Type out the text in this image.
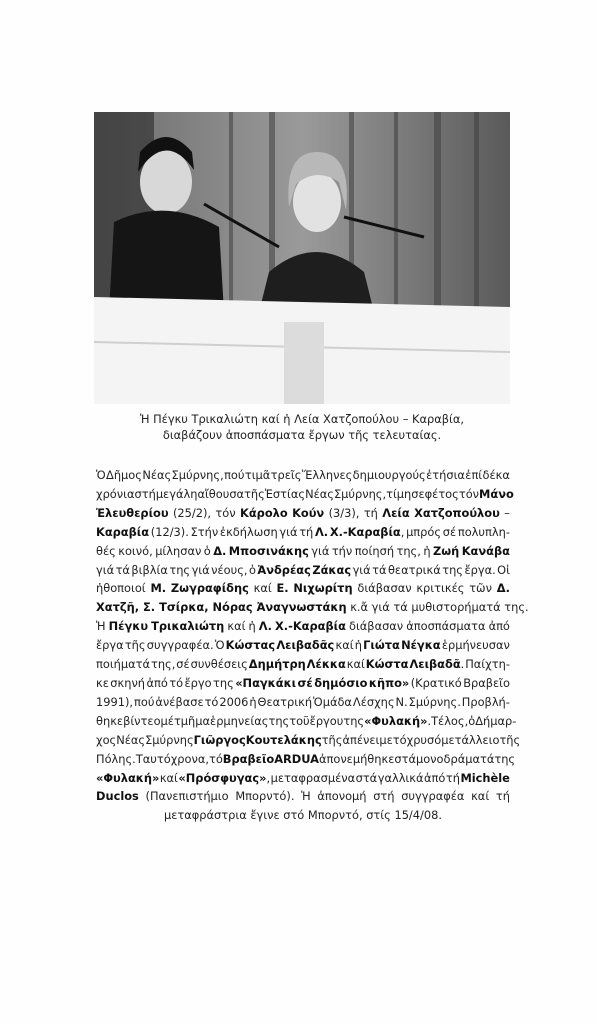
Ἡ Πέγκυ Τρικαλιώτη καί ἡ Λεία Χατζοπούλου – Καραβία,
διαβάζουν ἀποσπάσματα ἔργων τῆς τελευταίας.
Ὁ Δῆμος Νέας Σμύρνης, πού τιμᾶ τρεῖς Ἕλληνες δημιουργούς ἐτήσια ἐπί δέκα
χρόνια στή μεγάλη αἴθουσα τῆς Ἑστίας Νέας Σμύρνης, τίμησε φέτος τόν Μάνο
Ἐλευθερίου (25/2), τόν Κάρολο Κούν (3/3), τή Λεία Χατζοπούλου –
Καραβία (12/3). Στήν ἐκδήλωση γιά τή Λ. Χ.-Καραβία, μπρός σέ πολυπλη-
θές κοινό, μίλησαν ὁ Δ. Μποσινάκης γιά τήν ποίησή της, ἡ Ζωή Κανάβα
γιά τά βιβλία της γιά νέους, ὁ Ἀνδρέας Ζάκας γιά τά θεατρικά της ἔργα. Οἱ
ἠθοποιοί Μ. Ζωγραφίδης καί Ε. Νιχωρίτη διάβασαν κριτικές τῶν Δ.
Χατζῆ, Σ. Τσίρκα, Νόρας Ἀναγνωστάκη κ.ἄ γιά τά μυθιστορήματά της.
Ἡ Πέγκυ Τρικαλιώτη καί ἡ Λ. Χ.-Καραβία διάβασαν ἀποσπάσματα ἀπό
ἔργα τῆς συγγραφέα. Ὁ Κώστας Λειβαδᾶς καί ἡ Γιώτα Νέγκα ἑρμήνευσαν
ποιήματά της, σέ συνθέσεις Δημήτρη Λέκκα καί Κώστα Λειβαδᾶ. Παίχτη-
κε σκηνή ἀπό τό ἔργο της «Παγκάκι σέ δημόσιο κῆπο» (Κρατικό Βραβεῖο
1991), πού ἀνέβασε τό 2006 ἡ Θεατρική Ὁμάδα Λέσχης Ν. Σμύρνης. Προβλή-
θηκε βίντεο μέ τμῆμα ἑρμηνείας της τοῦ ἔργου της «Φυλακή». Τέλος, ὁ Δήμαρ-
χος Νέας Σμύρνης Γιῶργος Κουτελάκης τῆς ἀπένειμε τό χρυσό μετάλλειο τῆς
Πόλης. Ταυτόχρονα, τό Βραβεῖο ARDUA ἀπονεμήθηκε στά μονοδράματά της
«Φυλακή» καί «Πρόσφυγας», μεταφρασμένα στά γαλλικά ἀπό τή Michèle
Duclos (Πανεπιστήμιο Μπορντό). Ἡ ἀπονομή στή συγγραφέα καί τή
μεταφράστρια ἔγινε στό Μπορντό, στίς 15/4/08.
